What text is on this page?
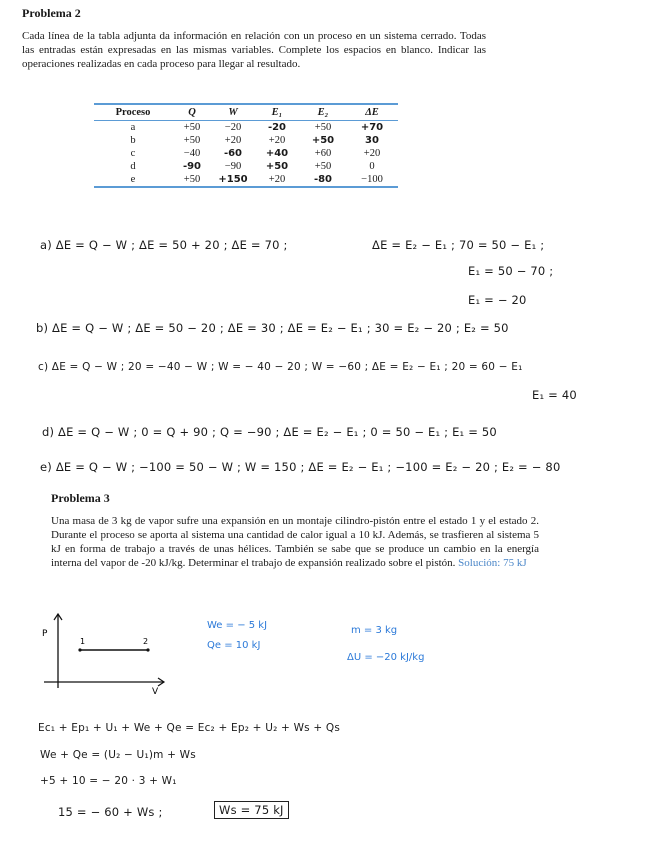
Problema 2
Cada línea de la tabla adjunta da información en relación con un proceso en un sistema cerrado. Todas las entradas están expresadas en las mismas variables. Complete los espacios en blanco. Indicar las operaciones realizadas en cada proceso para llegar al resultado.
Proceso	Q	W	E₁	E₂	ΔE
a	+50	−20	-20	+50	+70
b	+50	+20	+20	+50	30
c	−40	-60	+40	+60	+20
d	-90	−90	+50	+50	0
e	+50	+150	+20	-80	−100
a) ΔE = Q − W ; ΔE = 50 + 20 ; ΔE = 70 ;	ΔE = E₂ − E₁ ; 70 = 50 − E₁ ;
E₁ = 50 − 70 ;
E₁ = − 20
b) ΔE = Q − W ; ΔE = 50 − 20 ; ΔE = 30 ; ΔE = E₂ − E₁ ; 30 = E₂ − 20 ; E₂ = 50
c) ΔE = Q − W ; 20 = −40 − W ; W = − 40 − 20 ; W = −60 ; ΔE = E₂ − E₁ ; 20 = 60 − E₁
E₁ = 40
d) ΔE = Q − W ; 0 = Q + 90 ; Q = −90 ; ΔE = E₂ − E₁ ; 0 = 50 − E₁ ; E₁ = 50
e) ΔE = Q − W ; −100 = 50 − W ; W = 150 ; ΔE = E₂ − E₁ ; −100 = E₂ − 20 ; E₂ = − 80
Problema 3
Una masa de 3 kg de vapor sufre una expansión en un montaje cilindro-pistón entre el estado 1 y el estado 2. Durante el proceso se aporta al sistema una cantidad de calor igual a 10 kJ. Además, se trasfieren al sistema 5 kJ en forma de trabajo a través de unas hélices. También se sabe que se produce un cambio en la energía interna del vapor de -20 kJ/kg. Determinar el trabajo de expansión realizado sobre el pistón. Solución: 75 kJ
P
V
1	2
We = − 5 kJ
Qe = 10 kJ
m = 3 kg
ΔU = −20 kJ/kg
Ec₁ + Ep₁ + U₁ + We + Qe = Ec₂ + Ep₂ + U₂ + Ws + Qs
We + Qe = (U₂ − U₁)m + Ws
+5 + 10 = − 20 · 3 + W₁
15 = − 60 + Ws ;	Ws = 75 kJ
